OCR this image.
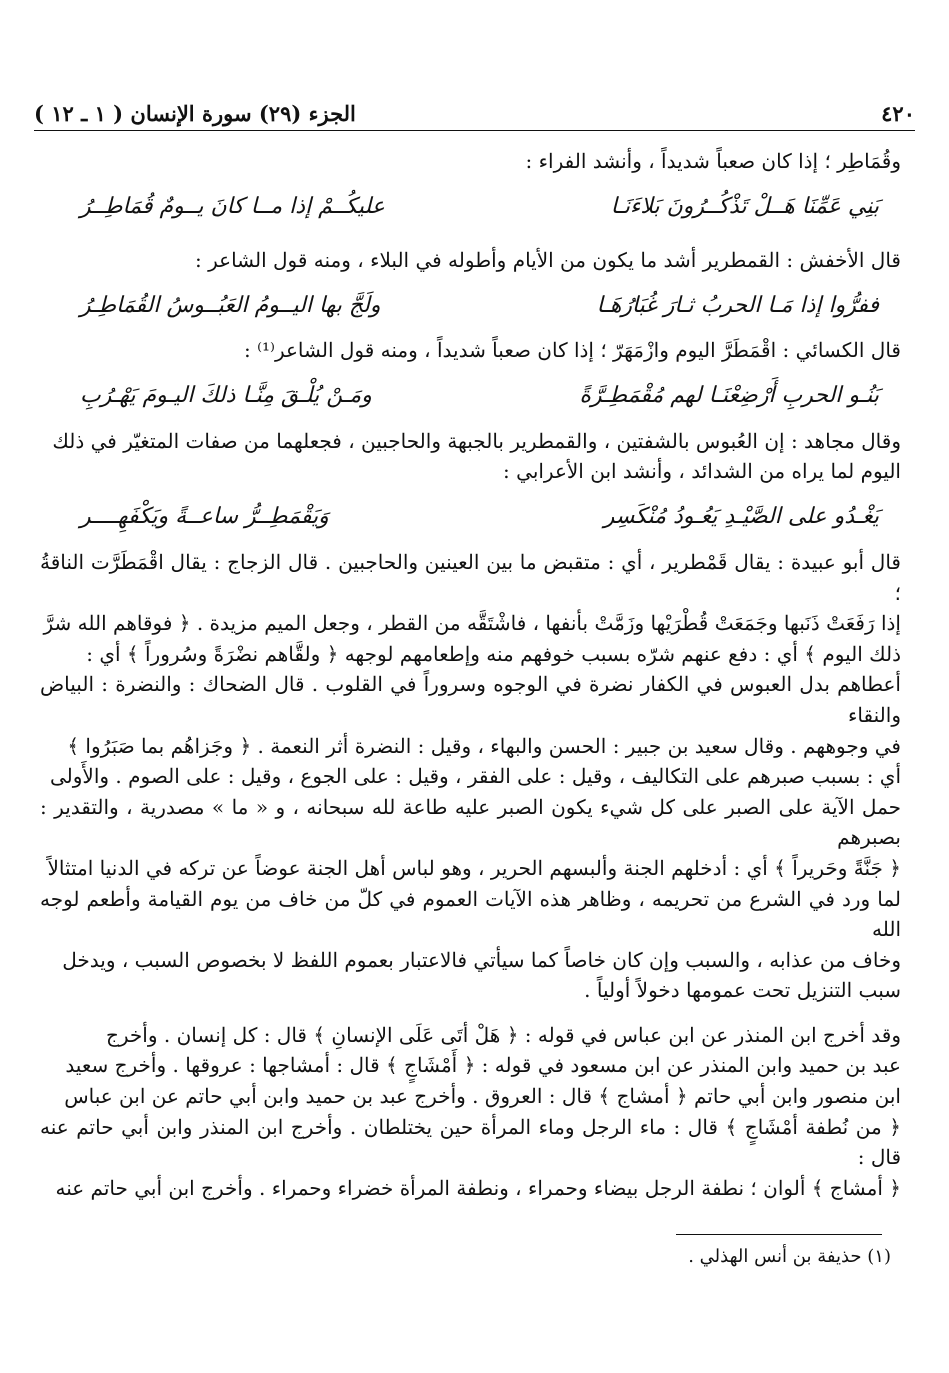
٤٢٠
الجزء (٢٩) سورة الإنسان ( ١ ـ ١٢ )

وقُمَاطِر ؛ إذا كان صعباً شديداً ، وأنشد الفراء :

بَنِي عَمِّنَا هَــلْ تَذْكُــرُونَ بَلاءَنَـا
عليكُــمْ إذا مــا كانَ يــومٌ قُمَاطِــرُ

قال الأخفش : القمطرير أشد ما يكون من الأيام وأطوله في البلاء ، ومنه قول الشاعر :

ففرُّوا إذا مَـا الحربُ ثـارَ غُبَارُهَـا
ولَجَّ بها اليــومُ العَبُــوسُ القُمَاطِـرُ

قال الكسائي : اقْمَطَرَّ اليوم وازْمَهَرّ ؛ إذا كان صعباً شديداً ، ومنه قول الشاعر⁽¹⁾ :

بَنُـو الحربِ أَرْضِعْنَـا لهم مُقْمَطِـرَّةً
ومَـنْ يُلْـقَ مِنَّـا ذلكَ اليـومَ يَهْـرُبِ

وقال مجاهد : إن العُبوس بالشفتين ، والقمطرير بالجبهة والحاجبين ، فجعلهما من صفات المتغيّر في ذلك

اليوم لما يراه من الشدائد ، وأنشد ابن الأعرابي :

يَغْـدُو على الصَّيْـدِ يَعُـودُ مُنْكَسِر
وَيَقْمَطِــرُّ ساعــةً ويَكْفَهِــــر

قال أبو عبيدة : يقال قَمْطرير ، أي : متقبض ما بين العينين والحاجبين . قال الزجاج : يقال اقْمَطَرَّت الناقةُ ؛

إذا رَفَعَتْ ذَنَبها وجَمَعَتْ قُطْرَيْها وزَمَّتْ بأنفها ، فاشْتَقَّه من القطر ، وجعل الميم مزيدة . ﴿ فوقاهم الله شرَّ

ذلك اليوم ﴾ أي : دفع عنهم شرّه بسبب خوفهم منه وإطعامهم لوجهه ﴿ ولقَّاهم نضْرَةً وسُروراً ﴾ أي :

أعطاهم بدل العبوس في الكفار نضرة في الوجوه وسروراً في القلوب . قال الضحاك : والنضرة : البياض والنقاء

في وجوههم . وقال سعيد بن جبير : الحسن والبهاء ، وقيل : النضرة أثر النعمة . ﴿ وجَزاهُم بما صَبَرُوا ﴾

أي : بسبب صبرهم على التكاليف ، وقيل : على الفقر ، وقيل : على الجوع ، وقيل : على الصوم . والأَولى

حمل الآية على الصبر على كل شيء يكون الصبر عليه طاعة لله سبحانه ، و « ما » مصدرية ، والتقدير : بصبرهم

﴿ جَنَّةً وحَريراً ﴾ أي : أدخلهم الجنة وألبسهم الحرير ، وهو لباس أهل الجنة عوضاً عن تركه في الدنيا امتثالاً

لما ورد في الشرع من تحريمه ، وظاهر هذه الآيات العموم في كلّ من خاف من يوم القيامة وأطعم لوجه الله

وخاف من عذابه ، والسبب وإن كان خاصاً كما سيأتي فالاعتبار بعموم اللفظ لا بخصوص السبب ، ويدخل

سبب التنزيل تحت عمومها دخولاً أولياً .

وقد أخرج ابن المنذر عن ابن عباس في قوله : ﴿ هَلْ أتَى عَلَى الإنسانِ ﴾ قال : كل إنسان . وأخرج

عبد بن حميد وابن المنذر عن ابن مسعود في قوله : ﴿ أَمْشَاجٍ ﴾ قال : أمشاجها : عروقها . وأخرج سعيد

ابن منصور وابن أبي حاتم ﴿ أمشاج ﴾ قال : العروق . وأخرج عبد بن حميد وابن أبي حاتم عن ابن عباس

﴿ من نُطفة أمْشَاجٍ ﴾ قال : ماء الرجل وماء المرأة حين يختلطان . وأخرج ابن المنذر وابن أبي حاتم عنه قال :

﴿ أمشاج ﴾ ألوان ؛ نطفة الرجل بيضاء وحمراء ، ونطفة المرأة خضراء وحمراء . وأخرج ابن أبي حاتم عنه

(١) حذيفة بن أنس الهذلي .
